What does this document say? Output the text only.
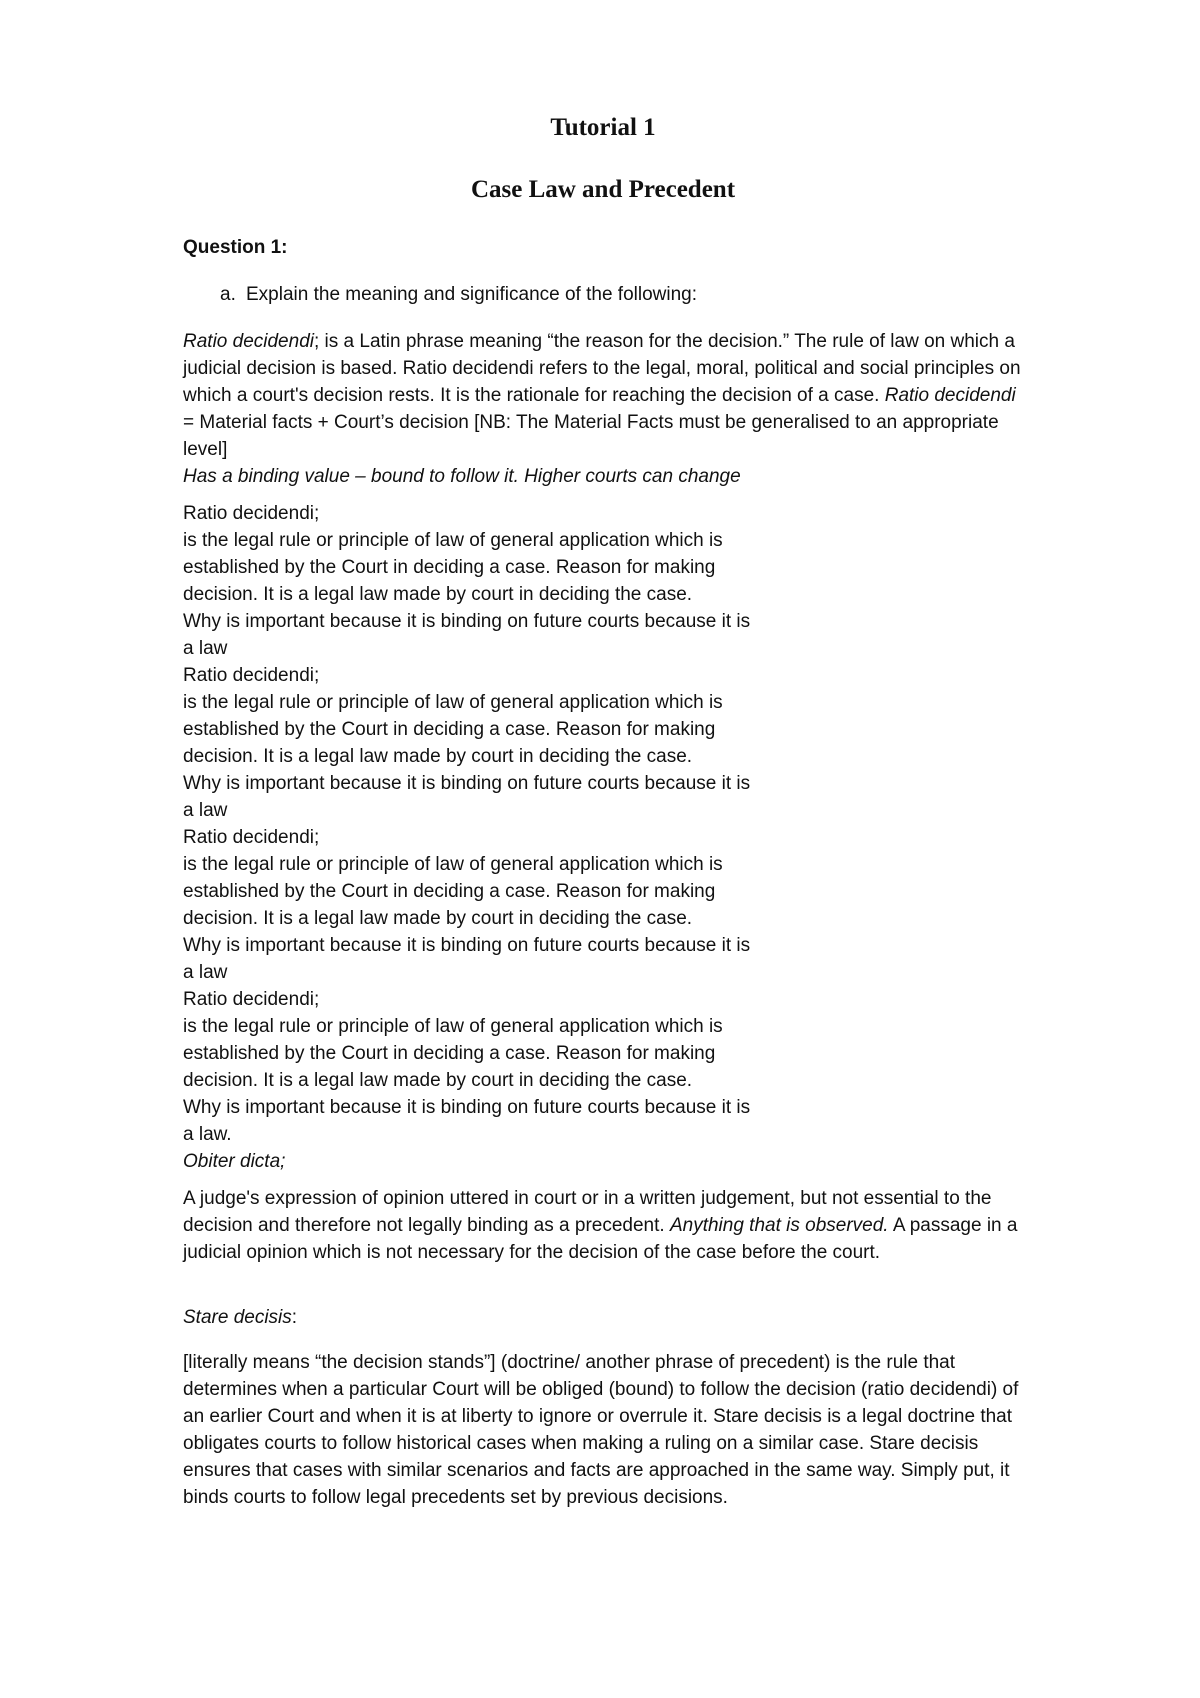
Tutorial 1
Case Law and Precedent

Question 1:

a. Explain the meaning and significance of the following:

Ratio decidendi; is a Latin phrase meaning “the reason for the decision.” The rule of law on which a judicial decision is based. Ratio decidendi refers to the legal, moral, political and social principles on which a court's decision rests. It is the rationale for reaching the decision of a case. Ratio decidendi = Material facts + Court’s decision [NB: The Material Facts must be generalised to an appropriate level]

Has a binding value – bound to follow it. Higher courts can change

Ratio decidendi;
is the legal rule or principle of law of general application which is
established by the Court in deciding a case. Reason for making
decision. It is a legal law made by court in deciding the case.
Why is important because it is binding on future courts because it is
a law
Ratio decidendi;
is the legal rule or principle of law of general application which is
established by the Court in deciding a case. Reason for making
decision. It is a legal law made by court in deciding the case.
Why is important because it is binding on future courts because it is
a law
Ratio decidendi;
is the legal rule or principle of law of general application which is
established by the Court in deciding a case. Reason for making
decision. It is a legal law made by court in deciding the case.
Why is important because it is binding on future courts because it is
a law
Ratio decidendi;
is the legal rule or principle of law of general application which is
established by the Court in deciding a case. Reason for making
decision. It is a legal law made by court in deciding the case.
Why is important because it is binding on future courts because it is
a law.

Obiter dicta;

A judge's expression of opinion uttered in court or in a written judgement, but not essential to the decision and therefore not legally binding as a precedent. Anything that is observed. A passage in a judicial opinion which is not necessary for the decision of the case before the court.

Stare decisis:

[literally means “the decision stands”] (doctrine/ another phrase of precedent) is the rule that determines when a particular Court will be obliged (bound) to follow the decision (ratio decidendi) of an earlier Court and when it is at liberty to ignore or overrule it. Stare decisis is a legal doctrine that obligates courts to follow historical cases when making a ruling on a similar case. Stare decisis ensures that cases with similar scenarios and facts are approached in the same way. Simply put, it binds courts to follow legal precedents set by previous decisions.
